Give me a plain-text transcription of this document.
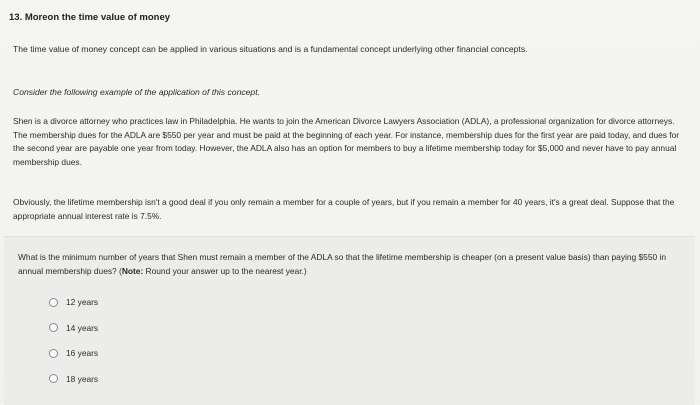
13. Moreon the time value of money
The time value of money concept can be applied in various situations and is a fundamental concept underlying other financial concepts.
Consider the following example of the application of this concept.
Shen is a divorce attorney who practices law in Philadelphia. He wants to join the American Divorce Lawyers Association (ADLA), a professional organization for divorce attorneys. The membership dues for the ADLA are $550 per year and must be paid at the beginning of each year. For instance, membership dues for the first year are paid today, and dues for the second year are payable one year from today. However, the ADLA also has an option for members to buy a lifetime membership today for $5,000 and never have to pay annual membership dues.
Obviously, the lifetime membership isn't a good deal if you only remain a member for a couple of years, but if you remain a member for 40 years, it's a great deal. Suppose that the appropriate annual interest rate is 7.5%.
What is the minimum number of years that Shen must remain a member of the ADLA so that the lifetime membership is cheaper (on a present value basis) than paying $550 in annual membership dues? (Note: Round your answer up to the nearest year.)
12 years
14 years
16 years
18 years
